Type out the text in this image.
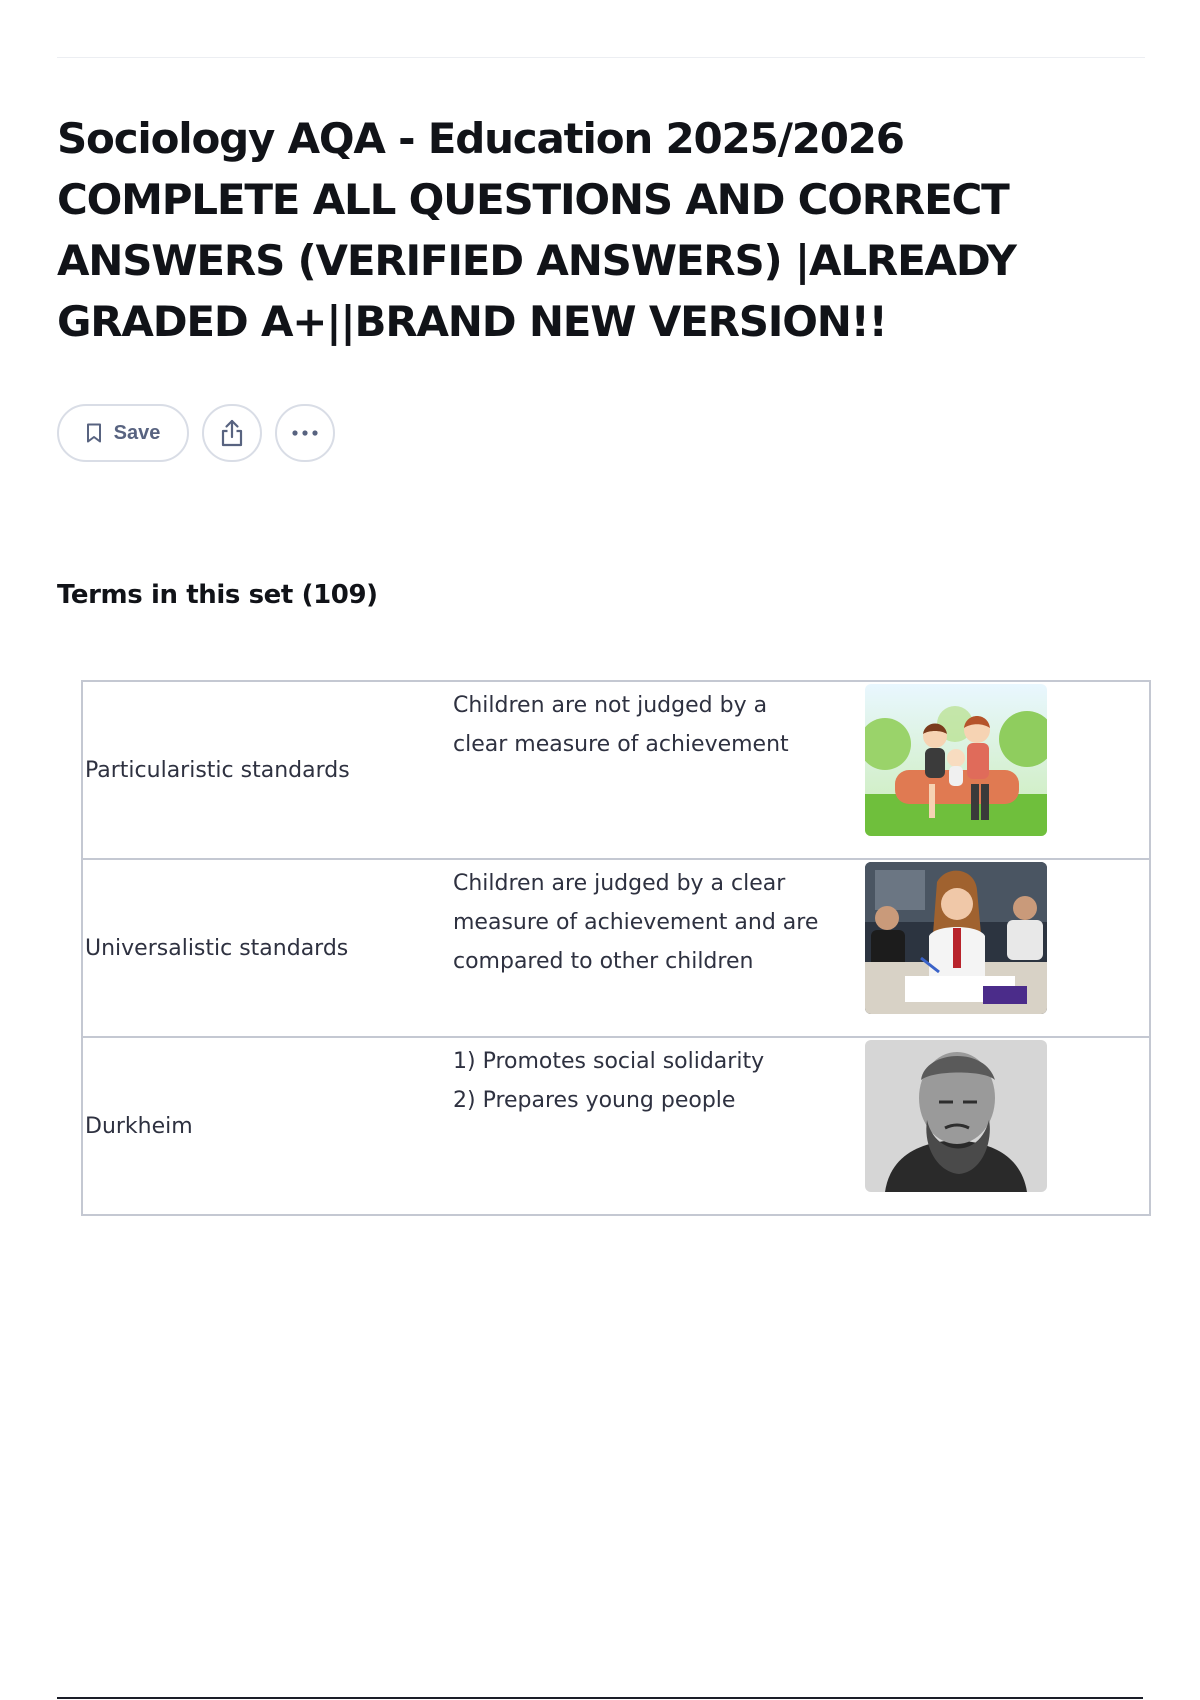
Sociology AQA - Education 2025/2026 COMPLETE ALL QUESTIONS AND CORRECT ANSWERS (VERIFIED ANSWERS) |ALREADY GRADED A+||BRAND NEW VERSION!!
Save
Terms in this set (109)
Particularistic standards	Children are not judged by a
clear measure of achievement

Universalistic standards	Children are judged by a clear
measure of achievement and are
compared to other children

Durkheim	1) Promotes social solidarity
2) Prepares young people
